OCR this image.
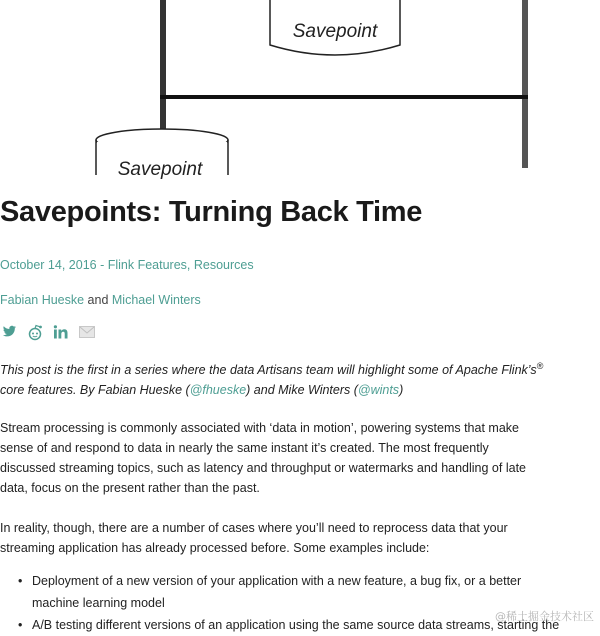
Savepoint
Savepoint
Savepoints: Turning Back Time
October 14, 2016 - Flink Features, Resources
Fabian Hueske and Michael Winters

This post is the first in a series where the data Artisans team will highlight some of Apache Flink’s® core features. By Fabian Hueske (@fhueske) and Mike Winters (@wints)

Stream processing is commonly associated with ‘data in motion’, powering systems that make sense of and respond to data in nearly the same instant it’s created. The most frequently discussed streaming topics, such as latency and throughput or watermarks and handling of late data, focus on the present rather than the past.

In reality, though, there are a number of cases where you’ll need to reprocess data that your streaming application has already processed before. Some examples include:

• Deployment of a new version of your application with a new feature, a bug fix, or a better machine learning model
• A/B testing different versions of an application using the same source data streams, starting the
@稀土掘金技术社区
